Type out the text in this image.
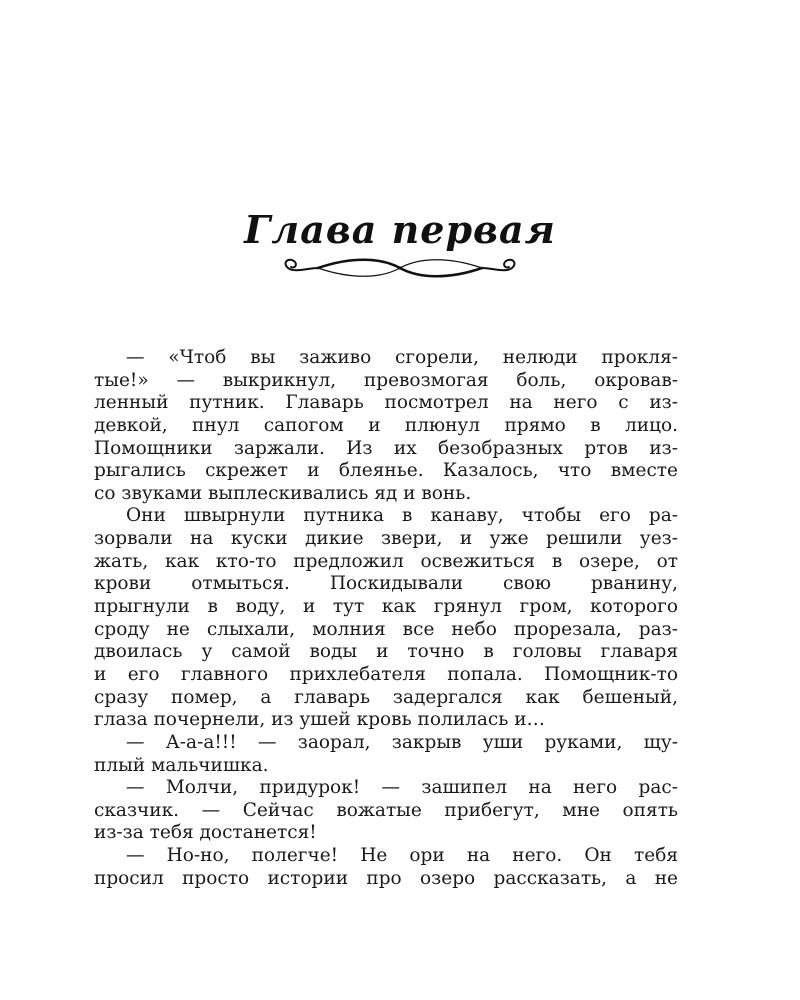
Глава первая
— «Чтоб вы заживо сгорели, нелюди прокля-
тые!» — выкрикнул, превозмогая боль, окровав-
ленный путник. Главарь посмотрел на него с из-
девкой, пнул сапогом и плюнул прямо в лицо.
Помощники заржали. Из их безобразных ртов из-
рыгались скрежет и блеянье. Казалось, что вместе
со звуками выплескивались яд и вонь.
Они швырнули путника в канаву, чтобы его ра-
зорвали на куски дикие звери, и уже решили уез-
жать, как кто-то предложил освежиться в озере, от
крови отмыться. Поскидывали свою рванину,
прыгнули в воду, и тут как грянул гром, которого
сроду не слыхали, молния все небо прорезала, раз-
двоилась у самой воды и точно в головы главаря
и его главного прихлебателя попала. Помощник-то
сразу помер, а главарь задергался как бешеный,
глаза почернели, из ушей кровь полилась и…
— А-а-а!!! — заорал, закрыв уши руками, щу-
плый мальчишка.
— Молчи, придурок! — зашипел на него рас-
сказчик. — Сейчас вожатые прибегут, мне опять
из-за тебя достанется!
— Но-но, полегче! Не ори на него. Он тебя
просил просто истории про озеро рассказать, а не
